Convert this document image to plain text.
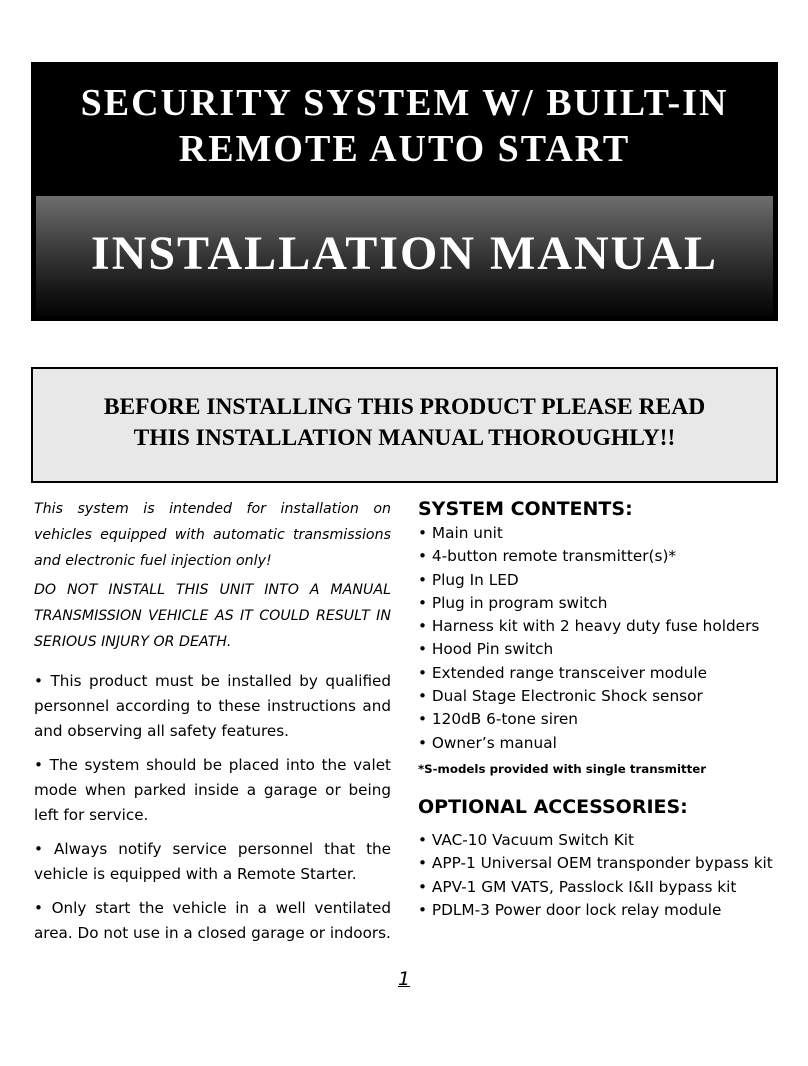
SECURITY SYSTEM W/ BUILT-IN
REMOTE AUTO START
INSTALLATION MANUAL

BEFORE INSTALLING THIS PRODUCT PLEASE READ
THIS INSTALLATION MANUAL THOROUGHLY!!

This system is intended for installation on vehicles equipped with automatic transmissions and electronic fuel injection only!

DO NOT INSTALL THIS UNIT INTO A MANUAL TRANSMISSION VEHICLE AS IT COULD RESULT IN SERIOUS INJURY OR DEATH.

• This product must be installed by qualified personnel according to these instructions and and observing all safety features.

• The system should be placed into the valet mode when parked inside a garage or being left for service.

• Always notify service personnel that the vehicle is equipped with a Remote Starter.

• Only start the vehicle in a well ventilated area. Do not use in a closed garage or indoors.

SYSTEM CONTENTS:
• Main unit
• 4-button remote transmitter(s)*
• Plug In LED
• Plug in program switch
• Harness kit with 2 heavy duty fuse holders
• Hood Pin switch
• Extended range transceiver module
• Dual Stage Electronic Shock sensor
• 120dB 6-tone siren
• Owner’s manual

*S-models provided with single transmitter

OPTIONAL ACCESSORIES:
• VAC-10 Vacuum Switch Kit
• APP-1 Universal OEM transponder bypass kit
• APV-1 GM VATS, Passlock I&II bypass kit
• PDLM-3 Power door lock relay module
1
